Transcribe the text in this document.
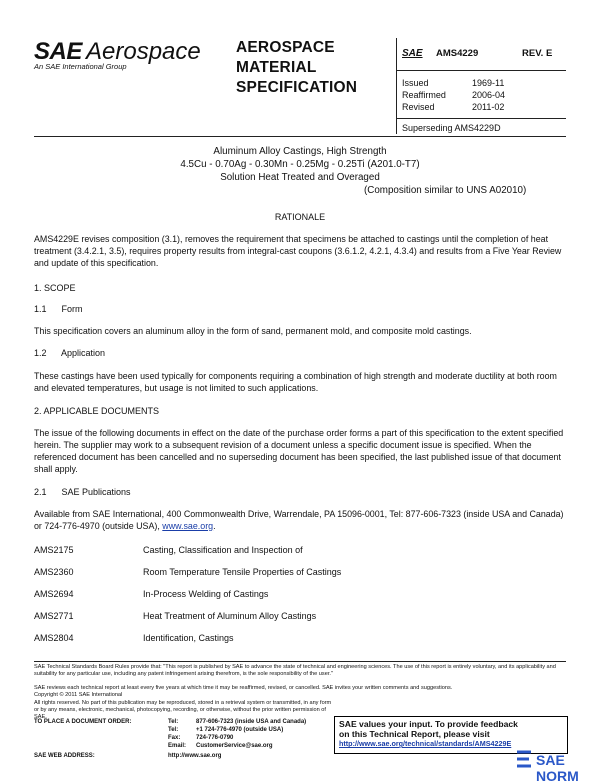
SAE Aerospace
An SAE International Group
AEROSPACE
MATERIAL
SPECIFICATION
SAE AMS4229	REV. E
Issued	1969-11
Reaffirmed	2006-04
Revised	2011-02
Superseding AMS4229D
Aluminum Alloy Castings, High Strength
4.5Cu - 0.70Ag - 0.30Mn - 0.25Mg - 0.25Ti (A201.0-T7)
Solution Heat Treated and Overaged
(Composition similar to UNS A02010)
RATIONALE
AMS4229E revises composition (3.1), removes the requirement that specimens be attached to castings until the completion of heat treatment (3.4.2.1, 3.5), requires property results from integral-cast coupons (3.6.1.2, 4.2.1, 4.3.4) and results from a Five Year Review and update of this specification.
1. SCOPE
1.1      Form
This specification covers an aluminum alloy in the form of sand, permanent mold, and composite mold castings.
1.2      Application
These castings have been used typically for components requiring a combination of high strength and moderate ductility at both room and elevated temperatures, but usage is not limited to such applications.
2. APPLICABLE DOCUMENTS
The issue of the following documents in effect on the date of the purchase order forms a part of this specification to the extent specified herein. The supplier may work to a subsequent revision of a document unless a specific document issue is specified. When the referenced document has been cancelled and no superseding document has been specified, the last published issue of that document shall apply.
2.1      SAE Publications
Available from SAE International, 400 Commonwealth Drive, Warrendale, PA 15096-0001, Tel: 877-606-7323 (inside USA and Canada) or 724-776-4970 (outside USA), www.sae.org.
AMS2175	Casting, Classification and Inspection of
AMS2360	Room Temperature Tensile Properties of Castings
AMS2694	In-Process Welding of Castings
AMS2771	Heat Treatment of Aluminum Alloy Castings
AMS2804	Identification, Castings
SAE Technical Standards Board Rules provide that: "This report is published by SAE to advance the state of technical and engineering sciences. The use of this report is entirely voluntary, and its applicability and suitability for any particular use, including any patent infringement arising therefrom, is the sole responsibility of the user."
SAE reviews each technical report at least every five years at which time it may be reaffirmed, revised, or cancelled. SAE invites your written comments and suggestions.
Copyright © 2011 SAE International
All rights reserved. No part of this publication may be reproduced, stored in a retrieval system or transmitted, in any form or by any means, electronic, mechanical, photocopying, recording, or otherwise, without the prior written permission of SAE.
TO PLACE A DOCUMENT ORDER:	Tel:	877-606-7323 (inside USA and Canada)
Tel:	+1 724-776-4970 (outside USA)
Fax:	724-776-0790
Email: CustomerService@sae.org
SAE WEB ADDRESS:	http://www.sae.org
SAE values your input. To provide feedback
on this Technical Report, please visit
http://www.sae.org/technical/standards/AMS4229E
SAE NORM
